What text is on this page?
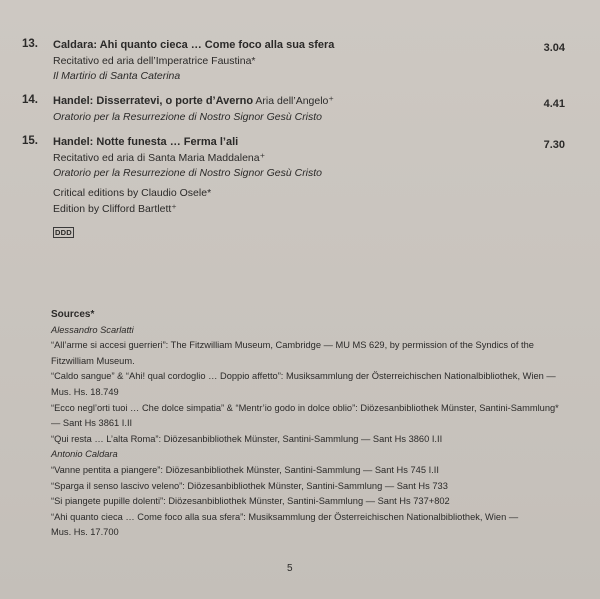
13. Caldara: Ahi quanto cieca … Come foco alla sua sfera
Recitativo ed aria dell’Imperatrice Faustina*
Il Martirio di Santa Caterina
3.04
14. Handel: Disserratevi, o porte d’Averno Aria dell’Angelo⁺
Oratorio per la Resurrezione di Nostro Signor Gesù Cristo
4.41
15. Handel: Notte funesta … Ferma l’ali
Recitativo ed aria di Santa Maria Maddalena⁺
Oratorio per la Resurrezione di Nostro Signor Gesù Cristo
7.30
Critical editions by Claudio Osele*
Edition by Clifford Bartlett⁺
DDD
Sources*
Alessandro Scarlatti
“All’arme si accesi guerrieri”: The Fitzwilliam Museum, Cambridge — MU MS 629, by permission of the Syndics of the
Fitzwilliam Museum.
“Caldo sangue” & “Ahi! qual cordoglio … Doppio affetto”: Musiksammlung der Österreichischen Nationalbibliothek, Wien —
Mus. Hs. 18.749
“Ecco negl’orti tuoi … Che dolce simpatia” & “Mentr’io godo in dolce oblio”: Diözesanbibliothek Münster, Santini-Sammlung*
— Sant Hs 3861 I.II
“Qui resta … L’alta Roma”: Diözesanbibliothek Münster, Santini-Sammlung — Sant Hs 3860 I.II
Antonio Caldara
“Vanne pentita a piangere”: Diözesanbibliothek Münster, Santini-Sammlung — Sant Hs 745 I.II
“Sparga il senso lascivo veleno”: Diözesanbibliothek Münster, Santini-Sammlung — Sant Hs 733
“Si piangete pupille dolenti”: Diözesanbibliothek Münster, Santini-Sammlung — Sant Hs 737+802
“Ahi quanto cieca … Come foco alla sua sfera”: Musiksammlung der Österreichischen Nationalbibliothek, Wien —
Mus. Hs. 17.700
5
